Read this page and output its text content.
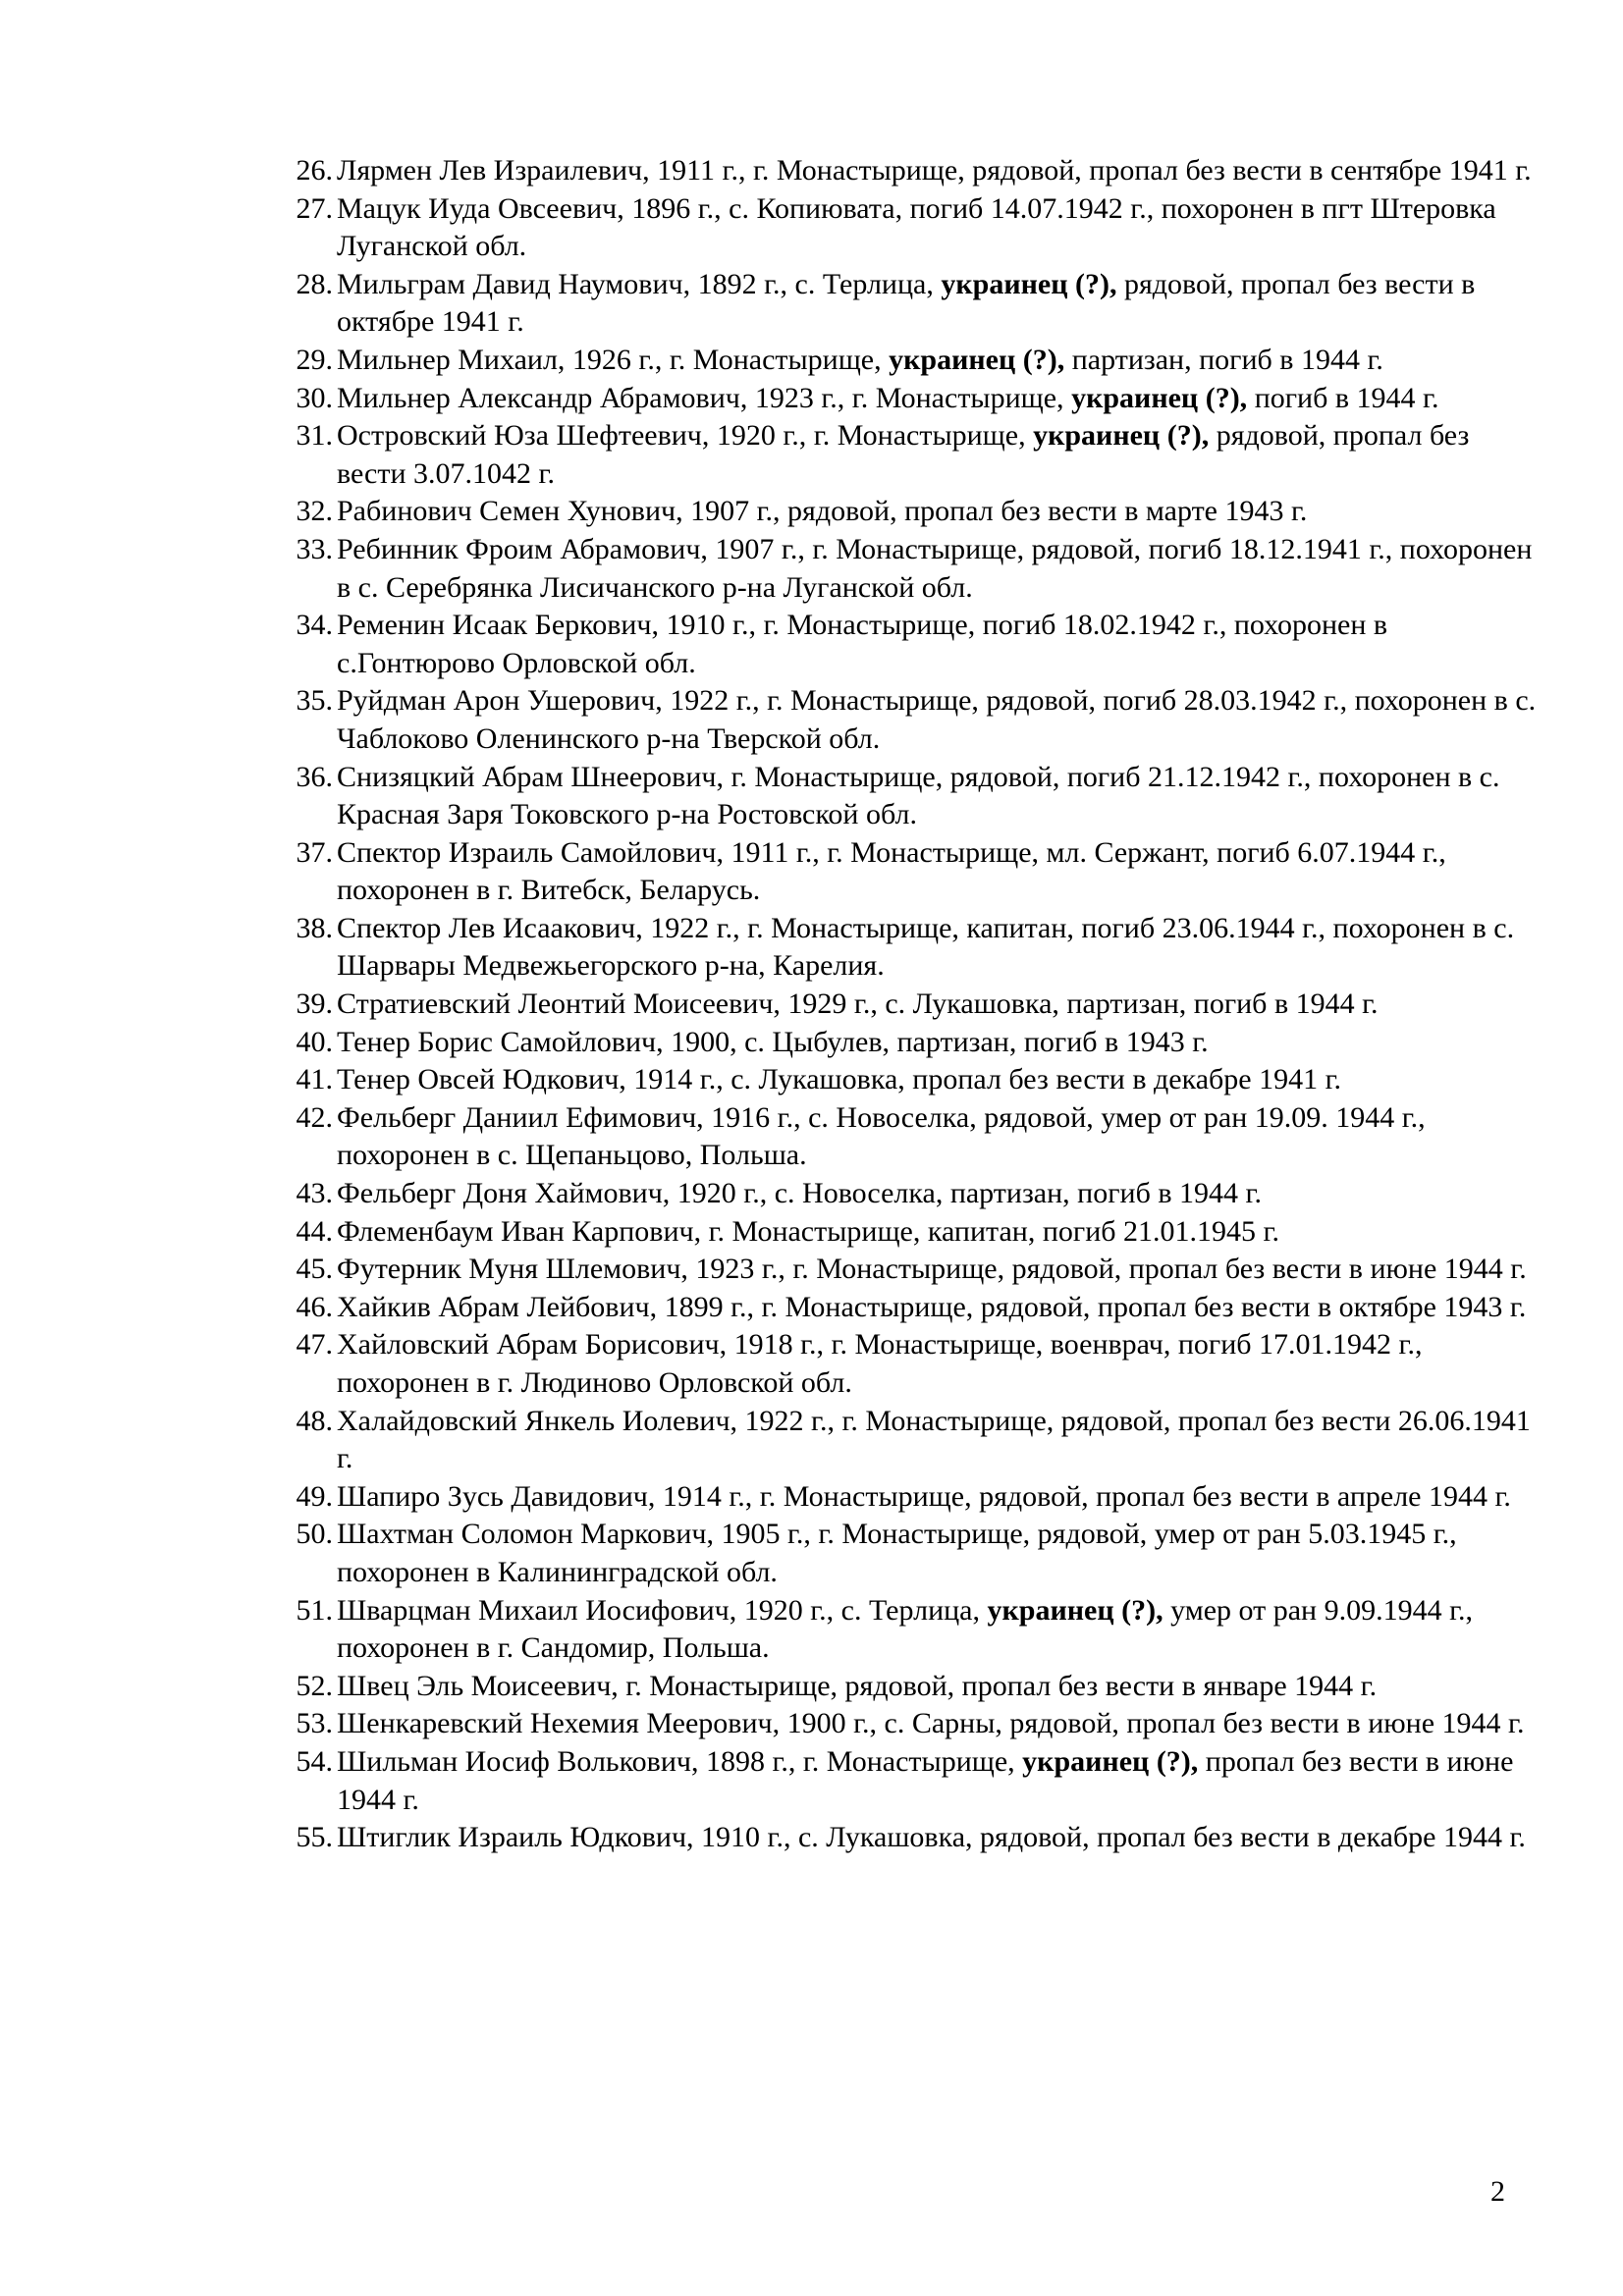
26. Лярмен Лев Израилевич, 1911 г., г. Монастырище, рядовой, пропал без вести в сентябре 1941 г.
27. Мацук Иуда Овсеевич, 1896 г., с. Копиювата, погиб 14.07.1942 г., похоронен в пгт Штеровка Луганской обл.
28. Мильграм Давид Наумович, 1892 г., с. Терлица, украинец (?), рядовой, пропал без вести в октябре 1941 г.
29. Мильнер Михаил, 1926 г., г. Монастырище, украинец (?), партизан, погиб в 1944 г.
30. Мильнер Александр Абрамович, 1923 г., г. Монастырище, украинец (?), погиб в 1944 г.
31. Островский Юза Шефтеевич, 1920 г., г. Монастырище, украинец (?), рядовой, пропал без вести 3.07.1042 г.
32. Рабинович Семен Хунович, 1907 г., рядовой, пропал без вести в марте 1943 г.
33. Ребинник Фроим Абрамович, 1907 г., г. Монастырище, рядовой, погиб 18.12.1941 г., похоронен в с. Серебрянка Лисичанского р-на Луганской обл.
34. Ременин Исаак Беркович, 1910 г., г. Монастырище, погиб 18.02.1942 г., похоронен в с.Гонтюрово Орловской обл.
35. Руйдман Арон Ушерович, 1922 г., г. Монастырище, рядовой, погиб 28.03.1942 г., похоронен в с. Чаблоково Оленинского р-на Тверской обл.
36. Снизяцкий Абрам Шнеерович, г. Монастырище, рядовой, погиб 21.12.1942 г., похоронен в с. Красная Заря Токовского р-на Ростовской обл.
37. Спектор Израиль Самойлович, 1911 г., г. Монастырище, мл. Сержант, погиб 6.07.1944 г., похоронен в г. Витебск, Беларусь.
38. Спектор Лев Исаакович, 1922 г., г. Монастырище, капитан, погиб 23.06.1944 г., похоронен в с. Шарвары Медвежьегорского р-на, Карелия.
39. Стратиевский Леонтий Моисеевич, 1929 г., с. Лукашовка, партизан, погиб в 1944 г.
40. Тенер Борис Самойлович, 1900, с. Цыбулев, партизан, погиб в 1943 г.
41. Тенер Овсей Юдкович, 1914 г., с. Лукашовка, пропал без вести в декабре 1941 г.
42. Фельберг Даниил Ефимович, 1916 г., с. Новоселка, рядовой, умер от ран 19.09. 1944 г., похоронен в с. Щепаньцово, Польша.
43. Фельберг Доня Хаймович, 1920 г., с. Новоселка, партизан, погиб в 1944 г.
44. Флеменбаум Иван Карпович, г. Монастырище, капитан, погиб 21.01.1945 г.
45. Футерник Муня Шлемович, 1923 г., г. Монастырище, рядовой, пропал без вести в июне 1944 г.
46. Хайкив Абрам Лейбович, 1899 г., г. Монастырище, рядовой, пропал без вести в октябре 1943 г.
47. Хайловский Абрам Борисович, 1918 г., г. Монастырище, военврач, погиб 17.01.1942 г., похоронен в г. Людиново Орловской обл.
48. Халайдовский Янкель Иолевич, 1922 г., г. Монастырище, рядовой, пропал без вести 26.06.1941 г.
49. Шапиро Зусь Давидович, 1914 г., г. Монастырище, рядовой, пропал без вести в апреле 1944 г.
50. Шахтман Соломон Маркович, 1905 г., г. Монастырище, рядовой, умер от ран 5.03.1945 г., похоронен в Калининградской обл.
51. Шварцман Михаил Иосифович, 1920 г., с. Терлица, украинец (?), умер от ран 9.09.1944 г., похоронен в г. Сандомир, Польша.
52. Швец Эль Моисеевич, г. Монастырище, рядовой, пропал без вести в январе 1944 г.
53. Шенкаревский Нехемия Меерович, 1900 г., с. Сарны, рядовой, пропал без вести в июне 1944 г.
54. Шильман Иосиф Волькович, 1898 г., г. Монастырище, украинец (?), пропал без вести в июне 1944 г.
55. Штиглик Израиль Юдкович, 1910 г., с. Лукашовка, рядовой, пропал без вести в декабре 1944 г.
2
